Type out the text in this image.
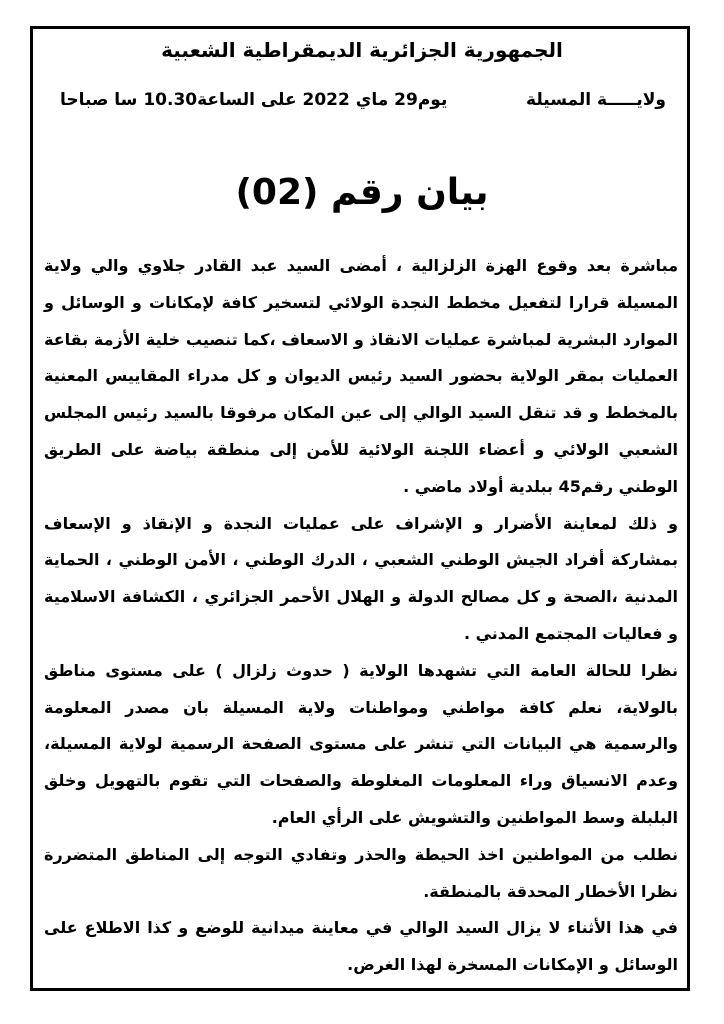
الجمهورية الجزائرية الديمقراطية الشعبية
ولايـــــة المسيلة
يوم29 ماي 2022 على الساعة10.30 سا صباحا
بيان رقم (02)

مباشرة بعد وقوع الهزة الزلزالية ، أمضى السيد عبد القادر جلاوي والي ولاية المسيلة قرارا لتفعيل مخطط النجدة الولائي لتسخير كافة لإمكانات و الوسائل و الموارد البشرية لمباشرة عمليات الانقاذ و الاسعاف ،كما تنصيب خلية الأزمة بقاعة العمليات بمقر الولاية بحضور السيد رئيس الديوان و كل مدراء المقاييس المعنية بالمخطط و قد تنقل السيد الوالي إلى عين المكان مرفوقا بالسيد رئيس المجلس الشعبي الولائي و أعضاء اللجنة الولائية للأمن إلى منطقة بياضة على الطريق الوطني رقم45 ببلدية أولاد ماضي .

و ذلك لمعاينة الأضرار و الإشراف على عمليات النجدة و الإنقاذ و الإسعاف بمشاركة أفراد الجيش الوطني الشعبي ، الدرك الوطني ، الأمن الوطني ، الحماية المدنية ،الصحة و كل مصالح الدولة و الهلال الأحمر الجزائري ، الكشافة الاسلامية و فعاليات المجتمع المدني .

نظرا للحالة العامة التي تشهدها الولاية ( حدوث زلزال ) على مستوى مناطق بالولاية، نعلم كافة مواطني ومواطنات ولاية المسيلة بان مصدر المعلومة والرسمية هي البيانات التي تنشر على مستوى الصفحة الرسمية لولاية المسيلة، وعدم الانسياق وراء المعلومات المغلوطة والصفحات التي تقوم بالتهويل وخلق البلبلة وسط المواطنين والتشويش على الرأي العام.

نطلب من المواطنين اخذ الحيطة والحذر وتفادي التوجه إلى المناطق المتضررة نظرا الأخطار المحدقة بالمنطقة.

في هذا الأثناء لا يزال السيد الوالي في معاينة ميدانية للوضع و كذا الاطلاع على الوسائل و الإمكانات المسخرة لهذا الغرض.
